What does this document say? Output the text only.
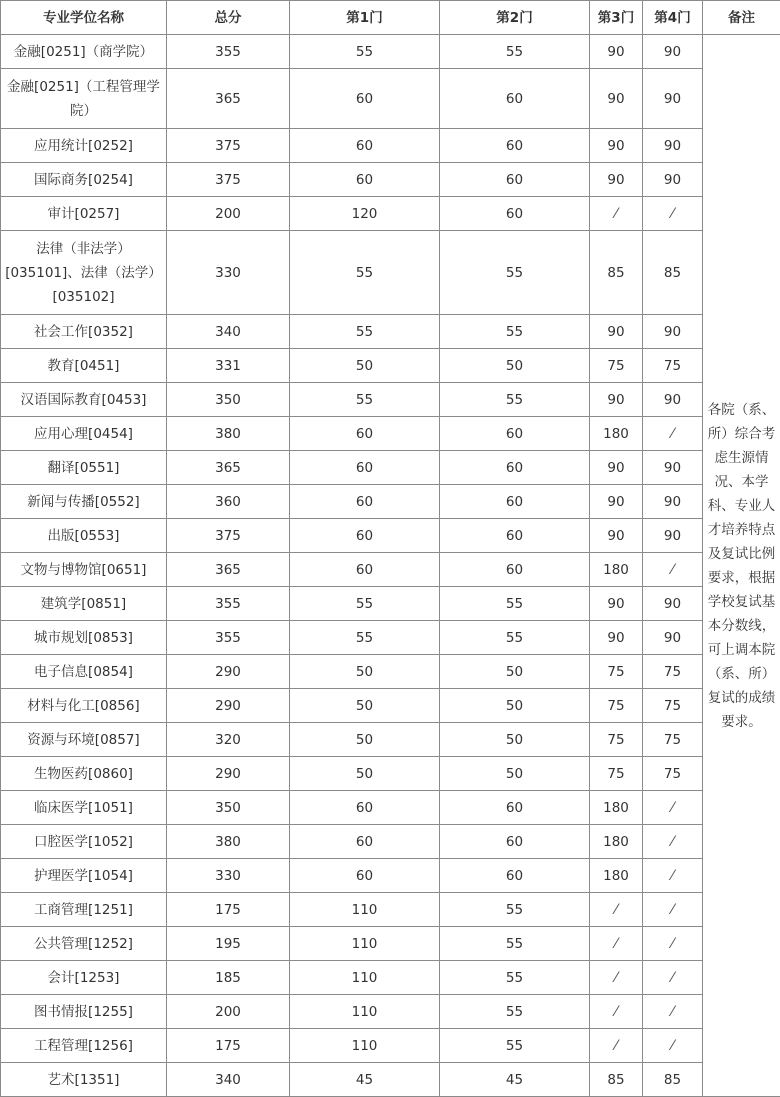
专业学位名称	总分	第1门	第2门	第3门	第4门	备注
金融[0251]（商学院）	355	55	55	90	90	各院（系、所）综合考虑生源情况、本学科、专业人才培养特点及复试比例要求，根据学校复试基本分数线，可上调本院（系、所）复试的成绩要求。
金融[0251]（工程管理学院）	365	60	60	90	90	
应用统计[0252]	375	60	60	90	90	
国际商务[0254]	375	60	60	90	90	
审计[0257]	200	120	60	⁄	⁄	
法律（非法学）[035101]、法律（法学）[035102]	330	55	55	85	85	
社会工作[0352]	340	55	55	90	90	
教育[0451]	331	50	50	75	75	
汉语国际教育[0453]	350	55	55	90	90	
应用心理[0454]	380	60	60	180	⁄	
翻译[0551]	365	60	60	90	90	
新闻与传播[0552]	360	60	60	90	90	
出版[0553]	375	60	60	90	90	
文物与博物馆[0651]	365	60	60	180	⁄	
建筑学[0851]	355	55	55	90	90	
城市规划[0853]	355	55	55	90	90	
电子信息[0854]	290	50	50	75	75	
材料与化工[0856]	290	50	50	75	75	
资源与环境[0857]	320	50	50	75	75	
生物医药[0860]	290	50	50	75	75	
临床医学[1051]	350	60	60	180	⁄	
口腔医学[1052]	380	60	60	180	⁄	
护理医学[1054]	330	60	60	180	⁄	
工商管理[1251]	175	110	55	⁄	⁄	
公共管理[1252]	195	110	55	⁄	⁄	
会计[1253]	185	110	55	⁄	⁄	
图书情报[1255]	200	110	55	⁄	⁄	
工程管理[1256]	175	110	55	⁄	⁄	
艺术[1351]	340	45	45	85	85	
